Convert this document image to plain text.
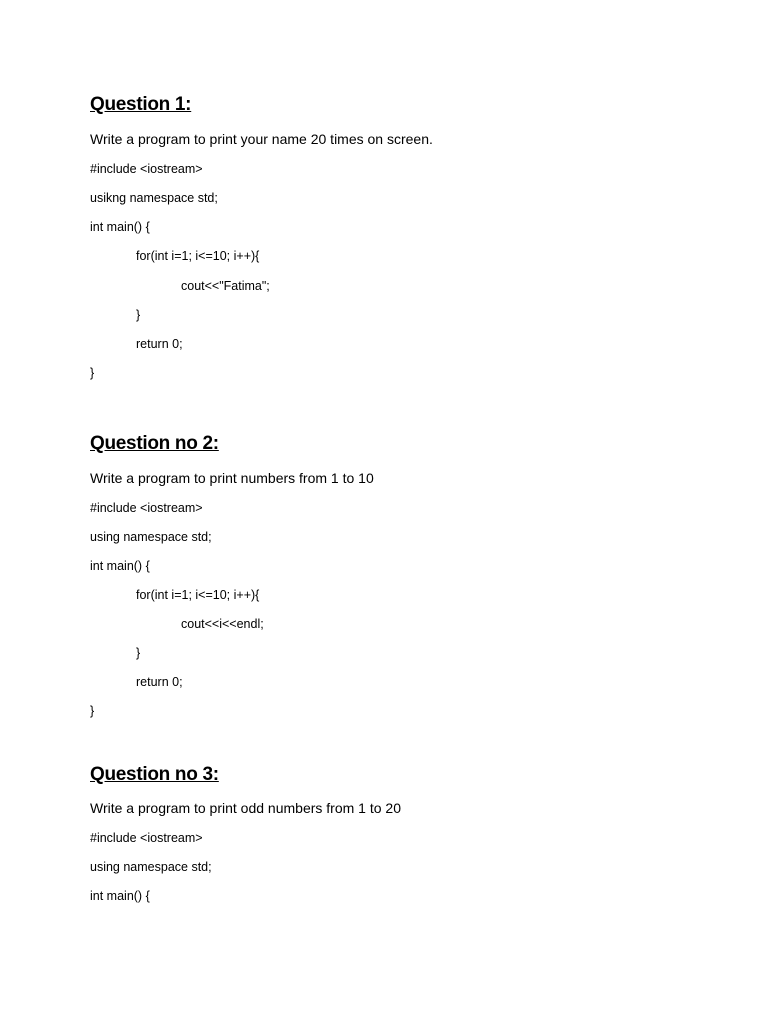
Question 1:

Write a program to print your name 20 times on screen.

#include <iostream>

usikng namespace std;

int main() {

for(int i=1; i<=10; i++){

cout<<"Fatima";

}

return 0;

}

Question no 2:

Write a program to print numbers from 1 to 10

#include <iostream>

using namespace std;

int main() {

for(int i=1; i<=10; i++){

cout<<i<<endl;

}

return 0;

}

Question no 3:

Write a program to print odd numbers from 1 to 20

#include <iostream>

using namespace std;

int main() {
